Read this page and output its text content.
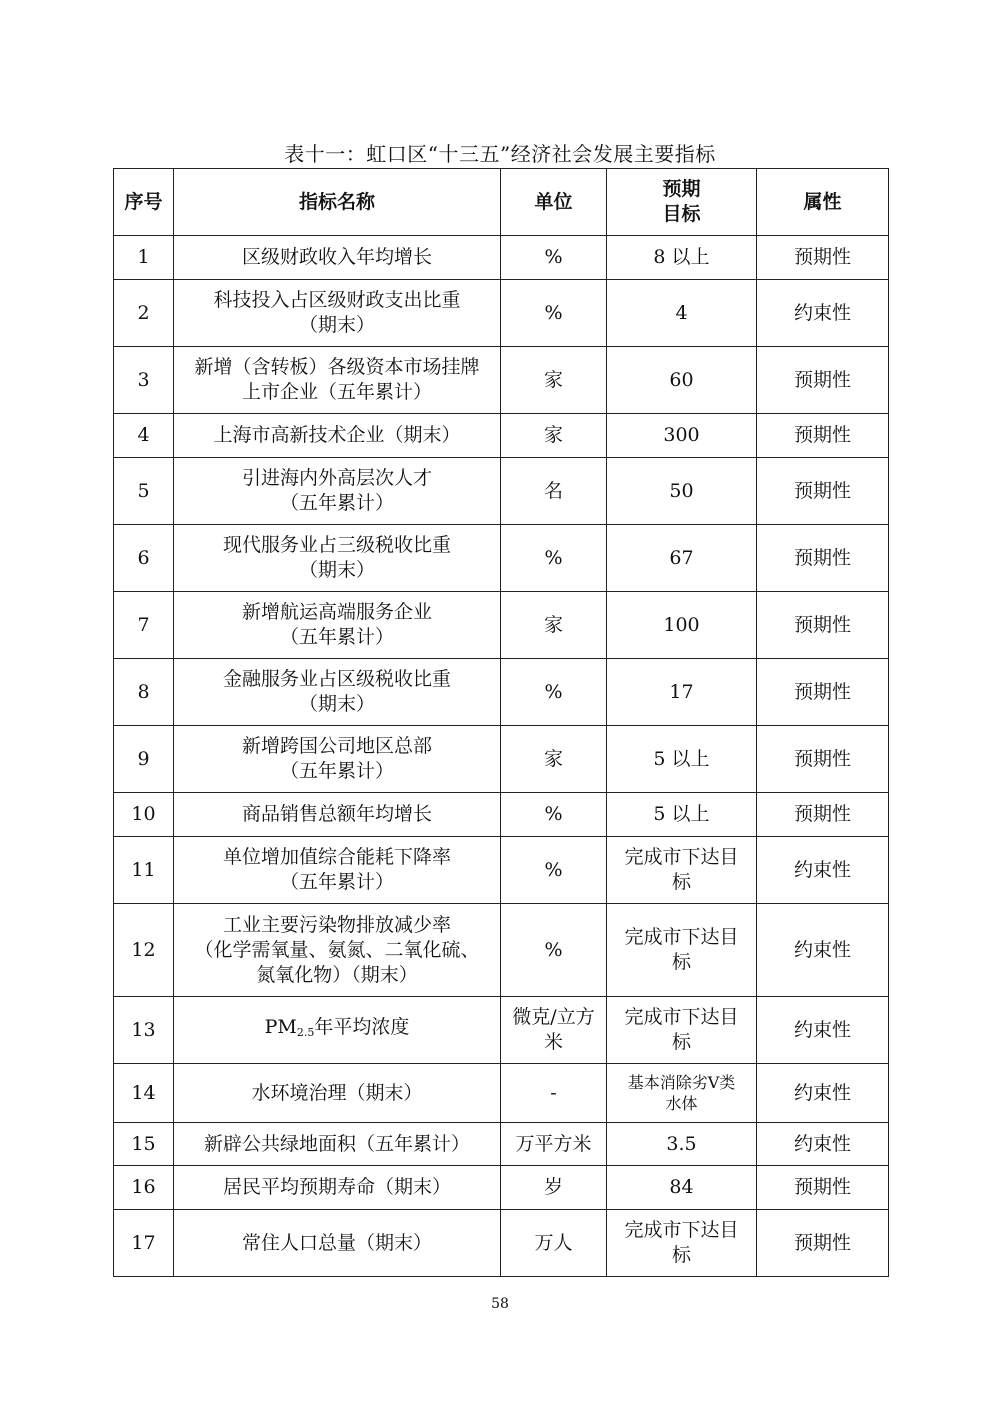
表十一：虹口区“十三五”经济社会发展主要指标
序号	指标名称	单位	预期
目标	属性
1	区级财政收入年均增长	%	8 以上	预期性
2	科技投入占区级财政支出比重
（期末）	%	4	约束性
3	新增（含转板）各级资本市场挂牌
上市企业（五年累计）	家	60	预期性
4	上海市高新技术企业（期末）	家	300	预期性
5	引进海内外高层次人才
（五年累计）	名	50	预期性
6	现代服务业占三级税收比重
（期末）	%	67	预期性
7	新增航运高端服务企业
（五年累计）	家	100	预期性
8	金融服务业占区级税收比重
（期末）	%	17	预期性
9	新增跨国公司地区总部
（五年累计）	家	5 以上	预期性
10	商品销售总额年均增长	%	5 以上	预期性
11	单位增加值综合能耗下降率
（五年累计）	%	完成市下达目
标	约束性
12	工业主要污染物排放减少率
（化学需氧量、氨氮、二氧化硫、
氮氧化物）（期末）	%	完成市下达目
标	约束性
13	$PM_{2.5}$年平均浓度	微克/立方
米	完成市下达目
标	约束性
14	水环境治理（期末）	-	基本消除劣Ⅴ类
水体	约束性
15	新辟公共绿地面积（五年累计）	万平方米	3.5	约束性
16	居民平均预期寿命（期末）	岁	84	预期性
17	常住人口总量（期末）	万人	完成市下达目
标	预期性
58
